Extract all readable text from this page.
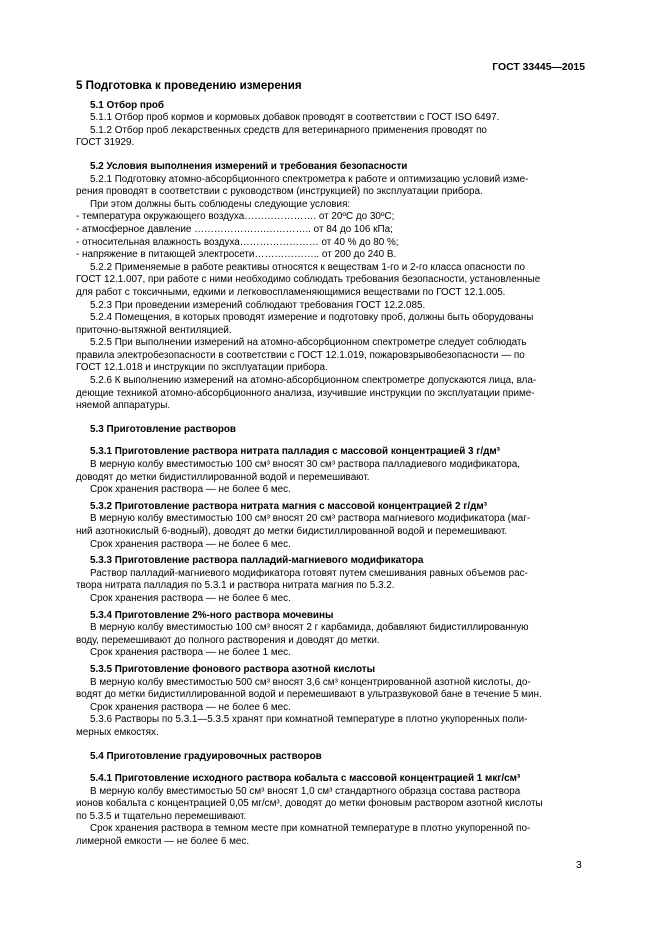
ГОСТ 33445—2015
5 Подготовка к проведению измерения
5.1 Отбор проб

5.1.1 Отбор проб кормов и кормовых добавок проводят в соответствии с ГОСТ ISO 6497.

5.1.2 Отбор проб лекарственных средств для ветеринарного применения проводят по

ГОСТ 31929.

5.2 Условия выполнения измерений и требования безопасности

5.2.1 Подготовку атомно-абсорбционного спектрометра к работе и оптимизацию условий изме-

рения проводят в соответствии с руководством (инструкцией) по эксплуатации прибора.

При этом должны быть соблюдены следующие условия:

- температура окружающего воздуха…………………. от 20ºС до 30ºС;

- атмосферное давление ………………….………….. от 84 до 106 кПа;

- относительная влажность воздуха…………………… от 40 % до 80 %;

- напряжение в питающей электросети……………….. от 200 до 240 В.

5.2.2 Применяемые в работе реактивы относятся к веществам 1-го и 2-го класса опасности по

ГОСТ 12.1.007, при работе с ними необходимо соблюдать требования безопасности, установленные

для работ с токсичными, едкими и легковоспламеняющимися веществами по ГОСТ 12.1.005.

5.2.3 При проведении измерений соблюдают требования ГОСТ 12.2.085.

5.2.4 Помещения, в которых проводят измерение и подготовку проб, должны быть оборудованы

приточно-вытяжной вентиляцией.

5.2.5 При выполнении измерений на атомно-абсорбционном спектрометре следует соблюдать

правила электробезопасности в соответствии с ГОСТ 12.1.019, пожаровзрывобезопасности — по

ГОСТ 12.1.018 и инструкции по эксплуатации прибора.

5.2.6 К выполнению измерений на атомно-абсорбционном спектрометре допускаются лица, вла-

деющие техникой атомно-абсорбционного анализа, изучившие инструкции по эксплуатации приме-

няемой аппаратуры.

5.3 Приготовление растворов
5.3.1 Приготовление раствора нитрата палладия с массовой концентрацией 3 г/дм³

В мерную колбу вместимостью 100 см³ вносят 30 см³ раствора палладиевого модификатора,

доводят до метки бидистиллированной водой и перемешивают.

Срок хранения раствора — не более 6 мес.

5.3.2 Приготовление раствора нитрата магния с массовой концентрацией 2 г/дм³

В мерную колбу вместимостью 100 см³ вносят 20 см³ раствора магниевого модификатора (маг-

ний азотнокислый 6-водный), доводят до метки бидистиллированной водой и перемешивают.

Срок хранения раствора — не более 6 мес.

5.3.3 Приготовление раствора палладий-магниевого модификатора

Раствор палладий-магниевого модификатора готовят путем смешивания равных объемов рас-

твора нитрата палладия по 5.3.1 и раствора нитрата магния по 5.3.2.

Срок хранения раствора — не более 6 мес.

5.3.4 Приготовление 2%-ного раствора мочевины

В мерную колбу вместимостью 100 см³ вносят 2 г карбамида, добавляют бидистиллированную

воду, перемешивают до полного растворения и доводят до метки.

Срок хранения раствора — не более 1 мес.

5.3.5 Приготовление фонового раствора азотной кислоты

В мерную колбу вместимостью 500 см³ вносят 3,6 см³ концентрированной азотной кислоты, до-

водят до метки бидистиллированной водой и перемешивают в ультразвуковой бане в течение 5 мин.

Срок хранения раствора — не более 6 мес.

5.3.6 Растворы по 5.3.1—5.3.5 хранят при комнатной температуре в плотно укупоренных поли-

мерных емкостях.

5.4 Приготовление градуировочных растворов
5.4.1 Приготовление исходного раствора кобальта с массовой концентрацией 1 мкг/см³

В мерную колбу вместимостью 50 см³ вносят 1,0 см³ стандартного образца состава раствора

ионов кобальта с концентрацией 0,05 мг/см³, доводят до метки фоновым раствором азотной кислоты

по 5.3.5 и тщательно перемешивают.

Срок хранения раствора в темном месте при комнатной температуре в плотно укупоренной по-

лимерной емкости — не более 6 мес.

3
